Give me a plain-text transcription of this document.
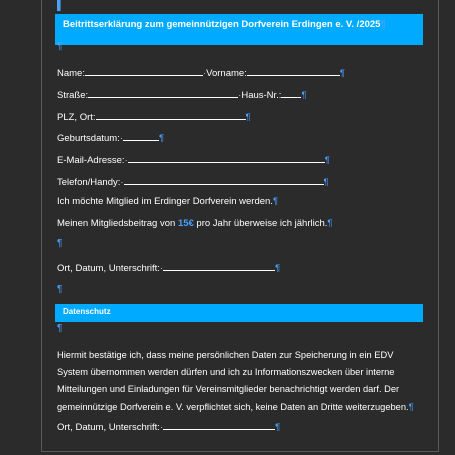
▌
Beitrittserklärung zum gemeinnützigen Dorfverein Erdingen e. V. /2025¶
¶
Name:	·Vorname:	¶
Straße:	·Haus-Nr.: ¶
PLZ, Ort:	¶
Geburtsdatum:·	¶
E-Mail-Adresse:·	¶
Telefon/Handy:·	¶
Ich möchte Mitglied im Erdinger Dorfverein werden.¶
Meinen Mitgliedsbeitrag von 15€ pro Jahr überweise ich jährlich.¶
¶
Ort, Datum, Unterschrift:·	¶
¶
Datenschutz
¶
Hiermit bestätige ich, dass meine persönlichen Daten zur Speicherung in ein EDV System übernommen werden dürfen und ich zu Informationszwecken über interne Mitteilungen und Einladungen für Vereinsmitglieder benachrichtigt werden darf. Der gemeinnützige Dorfverein e. V. verpflichtet sich, keine Daten an Dritte weiterzugeben.¶
Ort, Datum, Unterschrift:·	¶
